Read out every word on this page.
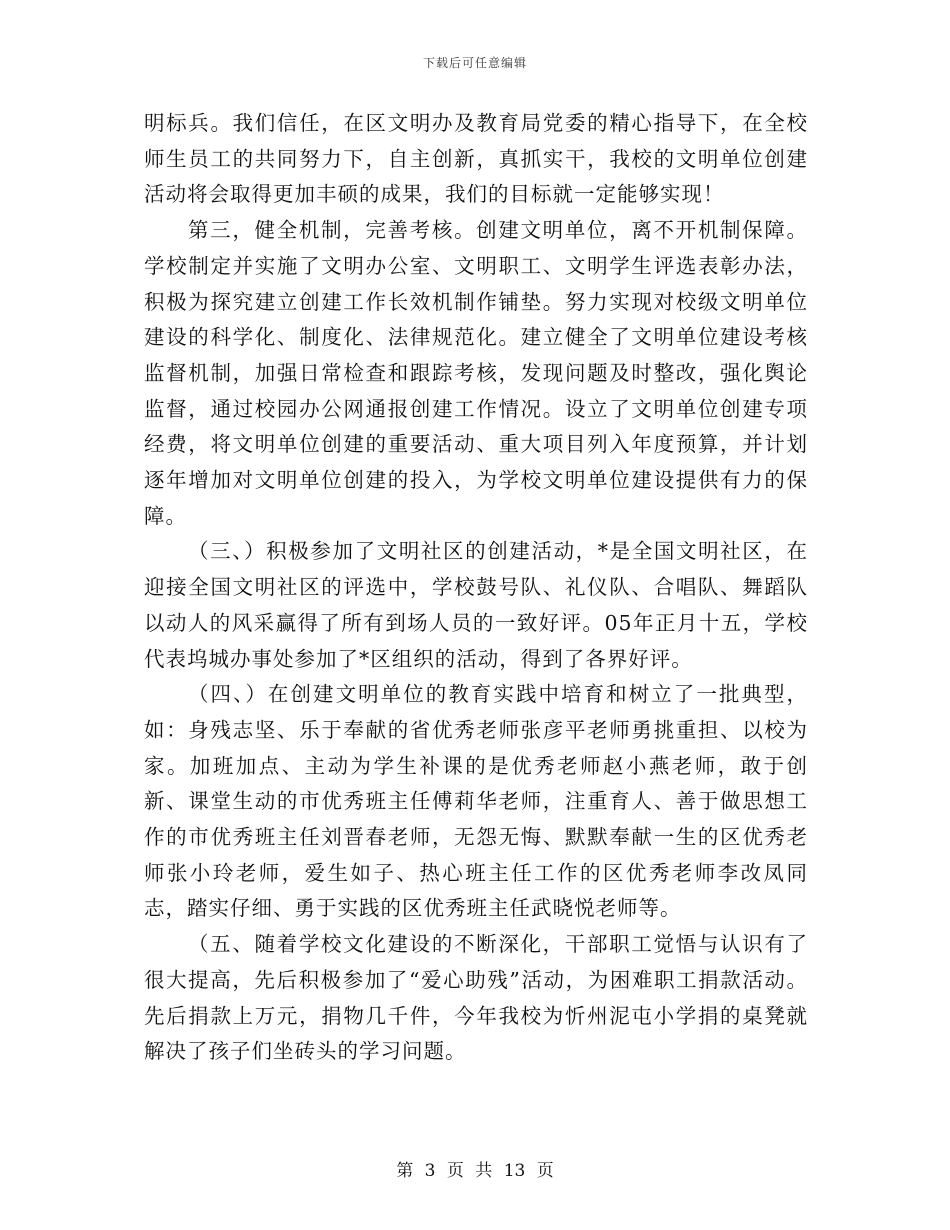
下载后可任意编辑

明标兵。我们信任，在区文明办及教育局党委的精心指导下，在全校师生员工的共同努力下，自主创新，真抓实干，我校的文明单位创建活动将会取得更加丰硕的成果，我们的目标就一定能够实现！

第三，健全机制，完善考核。创建文明单位，离不开机制保障。学校制定并实施了文明办公室、文明职工、文明学生评选表彰办法，积极为探究建立创建工作长效机制作铺垫。努力实现对校级文明单位建设的科学化、制度化、法律规范化。建立健全了文明单位建设考核监督机制，加强日常检查和跟踪考核，发现问题及时整改，强化舆论监督，通过校园办公网通报创建工作情况。设立了文明单位创建专项经费，将文明单位创建的重要活动、重大项目列入年度预算，并计划逐年增加对文明单位创建的投入，为学校文明单位建设提供有力的保障。

（三、）积极参加了文明社区的创建活动，*是全国文明社区，在迎接全国文明社区的评选中，学校鼓号队、礼仪队、合唱队、舞蹈队以动人的风采赢得了所有到场人员的一致好评。05年正月十五，学校代表坞城办事处参加了*区组织的活动，得到了各界好评。

（四、）在创建文明单位的教育实践中培育和树立了一批典型，如：身残志坚、乐于奉献的省优秀老师张彦平老师勇挑重担、以校为家。加班加点、主动为学生补课的是优秀老师赵小燕老师，敢于创新、课堂生动的市优秀班主任傅莉华老师，注重育人、善于做思想工作的市优秀班主任刘晋春老师，无怨无悔、默默奉献一生的区优秀老师张小玲老师，爱生如子、热心班主任工作的区优秀老师李改凤同志，踏实仔细、勇于实践的区优秀班主任武晓悦老师等。

（五、随着学校文化建设的不断深化，干部职工觉悟与认识有了很大提高，先后积极参加了“爱心助残”活动，为困难职工捐款活动。先后捐款上万元，捐物几千件，今年我校为忻州泥屯小学捐的桌凳就解决了孩子们坐砖头的学习问题。

第 3 页 共 13 页
